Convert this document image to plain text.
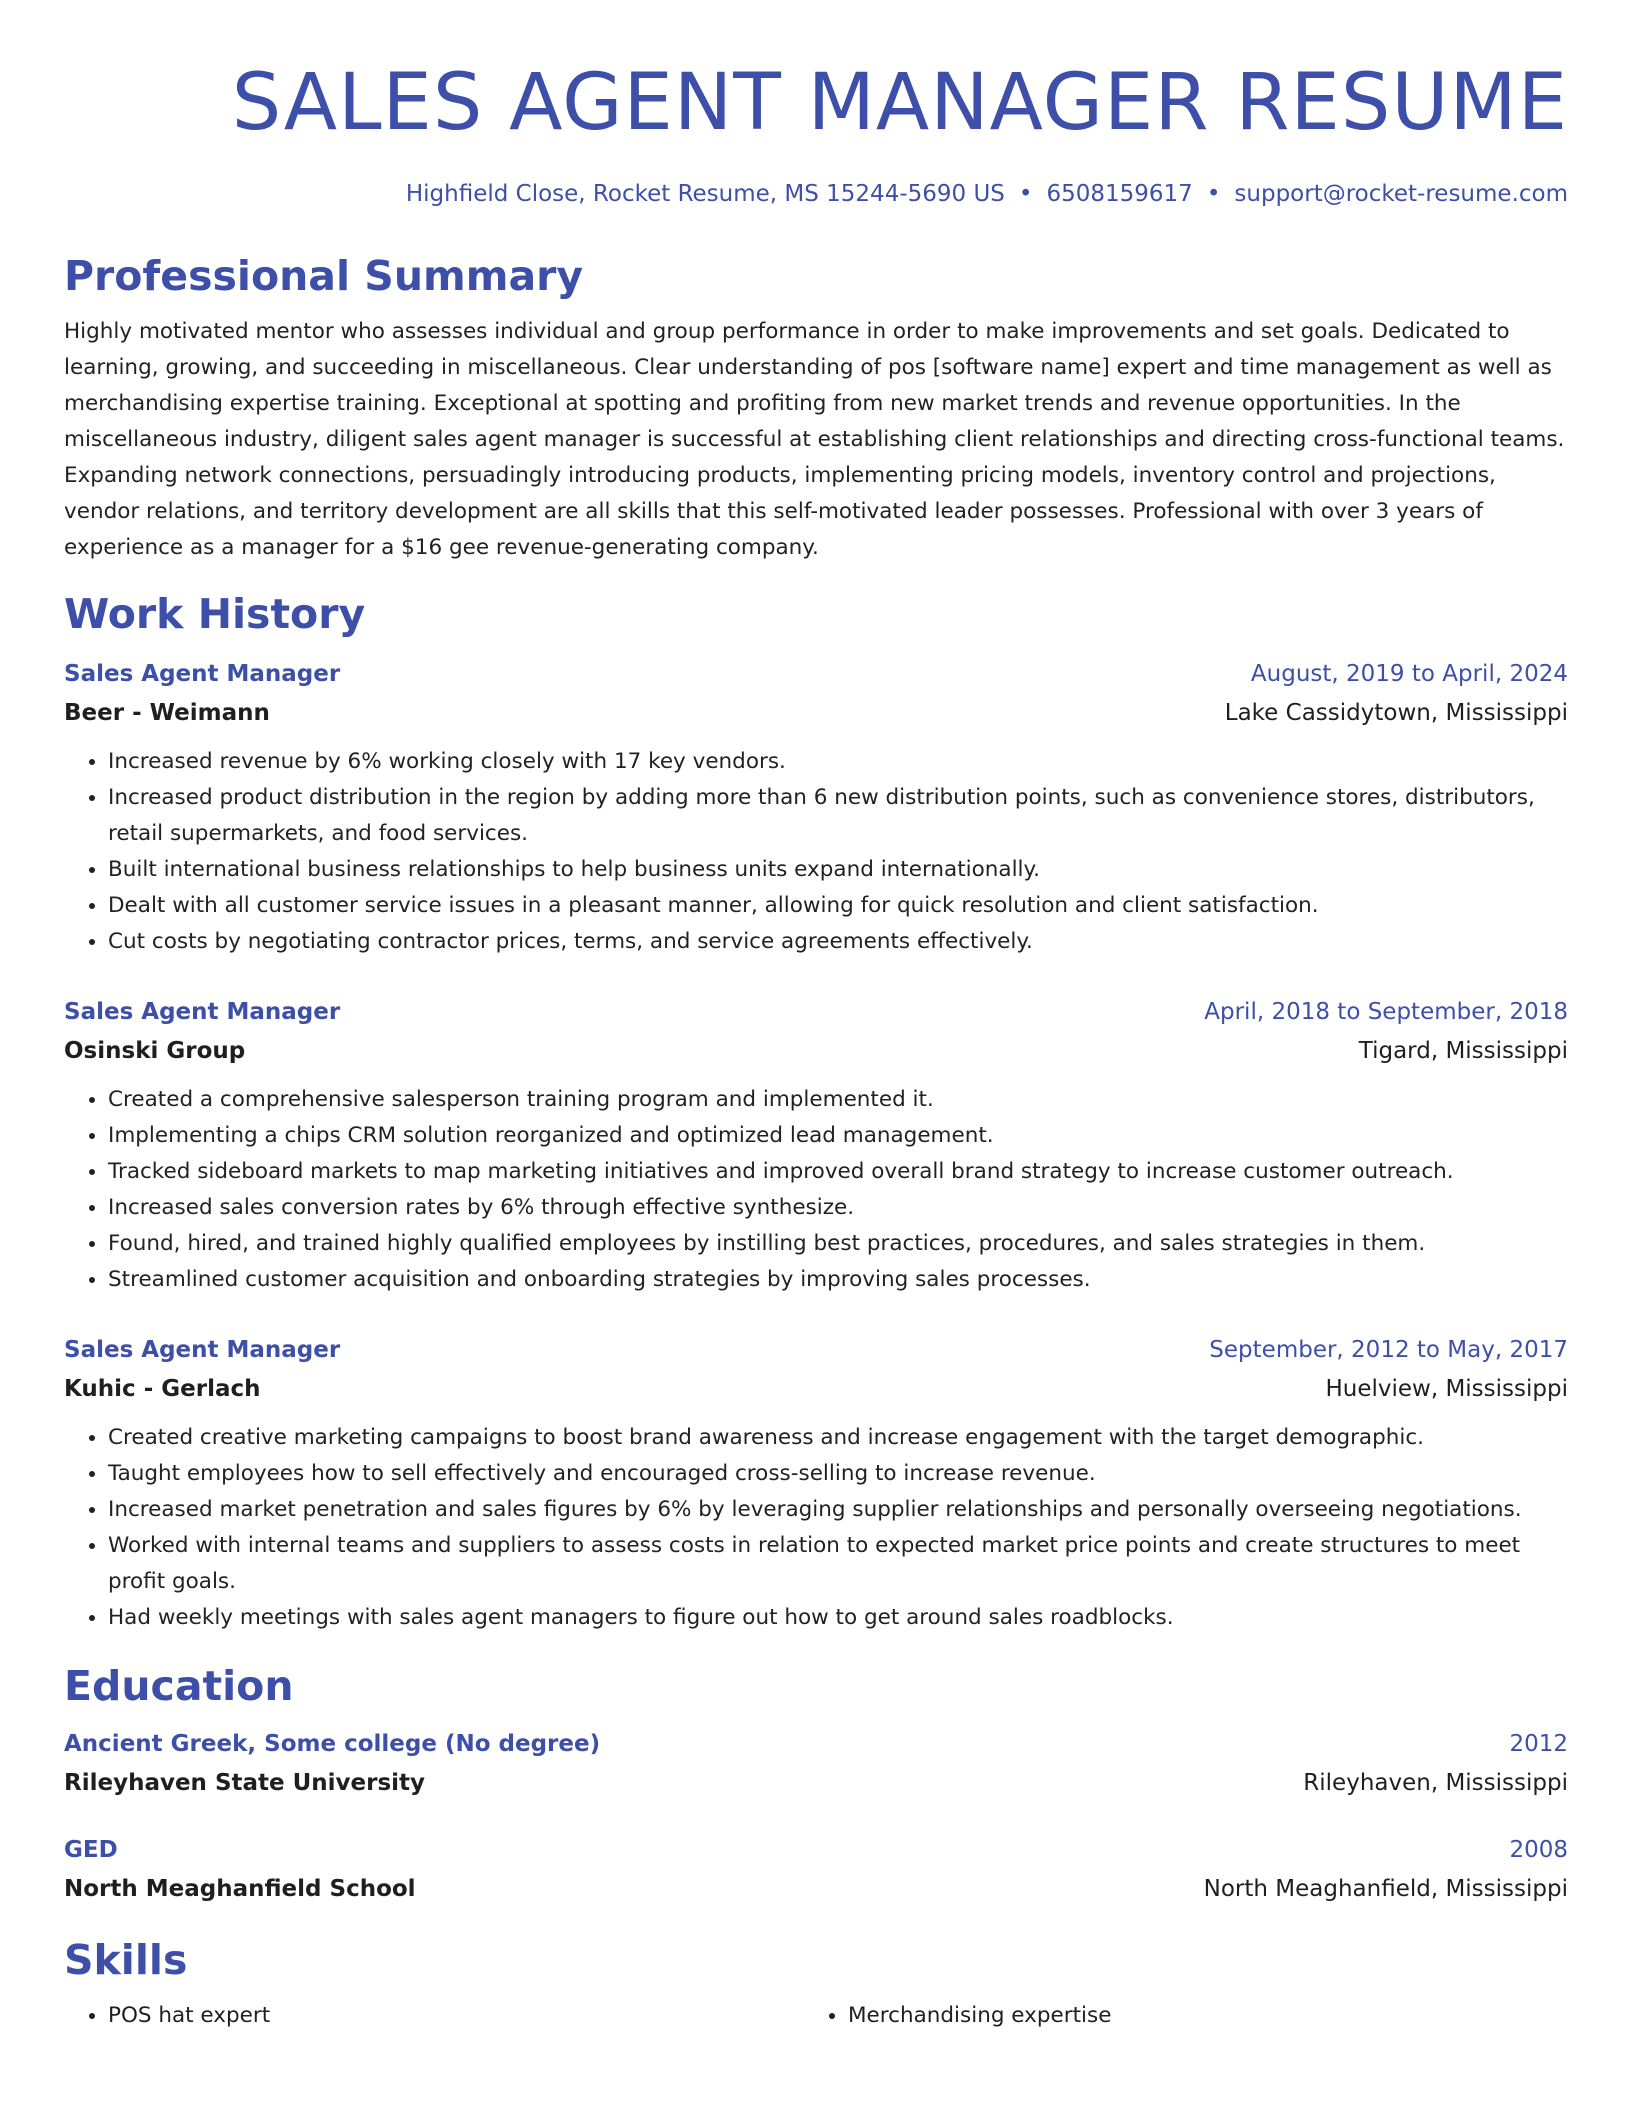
SALES AGENT MANAGER RESUME
Highfield Close, Rocket Resume, MS 15244-5690 US • 6508159617 • support@rocket-resume.com
Professional Summary
Highly motivated mentor who assesses individual and group performance in order to make improvements and set goals. Dedicated to learning, growing, and succeeding in miscellaneous. Clear understanding of pos [software name] expert and time management as well as merchandising expertise training. Exceptional at spotting and profiting from new market trends and revenue opportunities. In the miscellaneous industry, diligent sales agent manager is successful at establishing client relationships and directing cross-functional teams. Expanding network connections, persuadingly introducing products, implementing pricing models, inventory control and projections, vendor relations, and territory development are all skills that this self-motivated leader possesses. Professional with over 3 years of experience as a manager for a $16 gee revenue-generating company.
Work History
Sales Agent Manager	August, 2019 to April, 2024
Beer - Weimann	Lake Cassidytown, Mississippi
• Increased revenue by 6% working closely with 17 key vendors.
• Increased product distribution in the region by adding more than 6 new distribution points, such as convenience stores, distributors, retail supermarkets, and food services.
• Built international business relationships to help business units expand internationally.
• Dealt with all customer service issues in a pleasant manner, allowing for quick resolution and client satisfaction.
• Cut costs by negotiating contractor prices, terms, and service agreements effectively.
Sales Agent Manager	April, 2018 to September, 2018
Osinski Group	Tigard, Mississippi
• Created a comprehensive salesperson training program and implemented it.
• Implementing a chips CRM solution reorganized and optimized lead management.
• Tracked sideboard markets to map marketing initiatives and improved overall brand strategy to increase customer outreach.
• Increased sales conversion rates by 6% through effective synthesize.
• Found, hired, and trained highly qualified employees by instilling best practices, procedures, and sales strategies in them.
• Streamlined customer acquisition and onboarding strategies by improving sales processes.
Sales Agent Manager	September, 2012 to May, 2017
Kuhic - Gerlach	Huelview, Mississippi
• Created creative marketing campaigns to boost brand awareness and increase engagement with the target demographic.
• Taught employees how to sell effectively and encouraged cross-selling to increase revenue.
• Increased market penetration and sales figures by 6% by leveraging supplier relationships and personally overseeing negotiations.
• Worked with internal teams and suppliers to assess costs in relation to expected market price points and create structures to meet profit goals.
• Had weekly meetings with sales agent managers to figure out how to get around sales roadblocks.
Education
Ancient Greek, Some college (No degree)	2012
Rileyhaven State University	Rileyhaven, Mississippi
GED	2008
North Meaghanfield School	North Meaghanfield, Mississippi
Skills
• POS hat expert
•	Merchandising expertise
